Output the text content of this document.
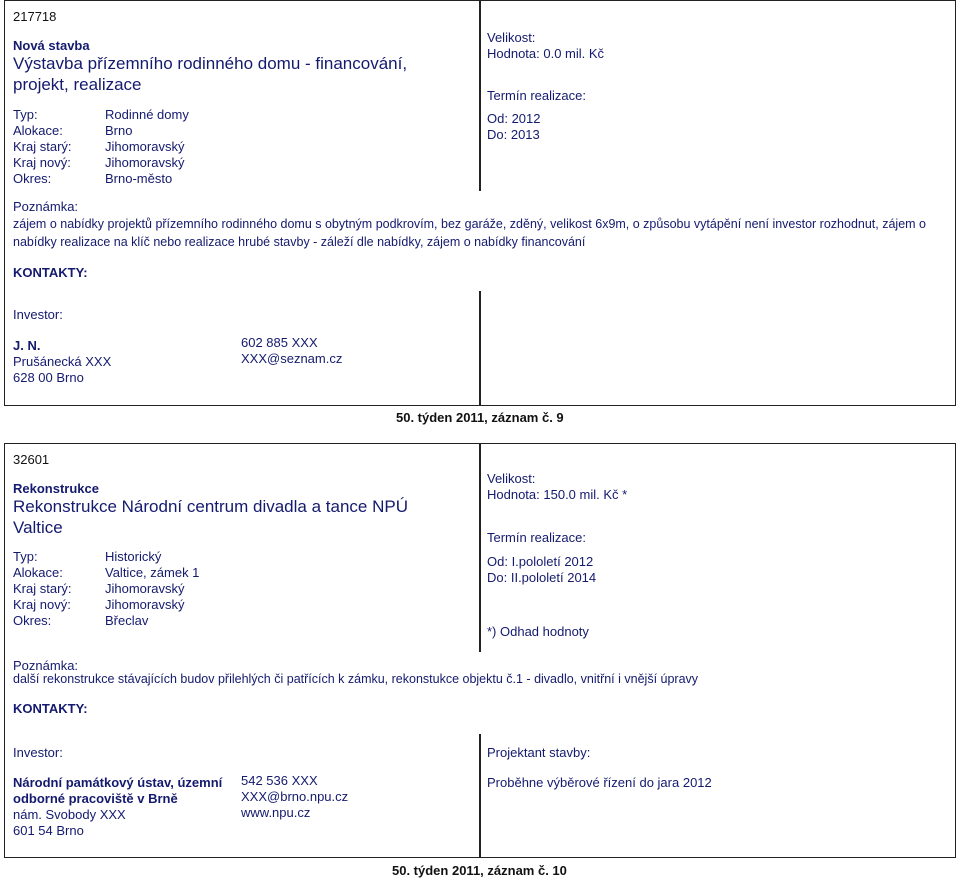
217718
Nová stavba
Výstavba přízemního rodinného domu - financování, projekt, realizace
Typ:
Alokace:
Kraj starý:
Kraj nový:
Okres:
Rodinné domy
Brno
Jihomoravský
Jihomoravský
Brno-město
Velikost:
Hodnota: 0.0 mil. Kč
Termín realizace:
Od: 2012
Do: 2013
Poznámka:
zájem o nabídky projektů přízemního rodinného domu s obytným podkrovím, bez garáže, zděný, velikost 6x9m, o způsobu vytápění není investor rozhodnut, zájem o nabídky realizace na klíč nebo realizace hrubé stavby - záleží dle nabídky, zájem o nabídky financování
KONTAKTY:
Investor:
J. N.
Prušánecká XXX
628 00 Brno
602 885 XXX
XXX@seznam.cz
50. týden 2011, záznam č. 9
32601
Rekonstrukce
Rekonstrukce Národní centrum divadla a tance NPÚ Valtice
Typ:
Alokace:
Kraj starý:
Kraj nový:
Okres:
Historický
Valtice, zámek 1
Jihomoravský
Jihomoravský
Břeclav
Velikost:
Hodnota: 150.0 mil. Kč *
Termín realizace:
Od: I.pololetí 2012
Do: II.pololetí 2014
*) Odhad hodnoty
Poznámka:
další rekonstrukce stávajících budov přilehlých či patřících k zámku, rekonstukce objektu č.1 - divadlo, vnitřní i vnější úpravy
KONTAKTY:
Investor:
Národní památkový ústav, územní
odborné pracoviště v Brně
nám. Svobody XXX
601 54 Brno
542 536 XXX
XXX@brno.npu.cz
www.npu.cz
Projektant stavby:
Proběhne výběrové řízení do jara 2012
50. týden 2011, záznam č. 10
